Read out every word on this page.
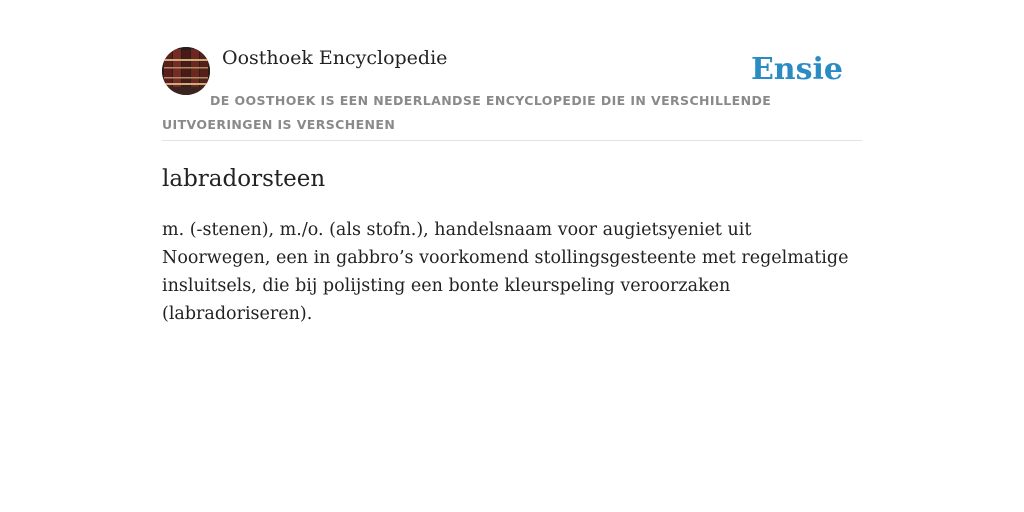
Oosthoek Encyclopedie	Ensie
DE OOSTHOEK IS EEN NEDERLANDSE ENCYCLOPEDIE DIE IN VERSCHILLENDE UITVOERINGEN IS VERSCHENEN
labradorsteen

m. (-stenen), m./o. (als stofn.), handelsnaam voor augietsyeniet uit Noorwegen, een in gabbro’s voorkomend stollingsgesteente met regelmatige insluitsels, die bij polijsting een bonte kleurspeling veroorzaken (labradoriseren).
